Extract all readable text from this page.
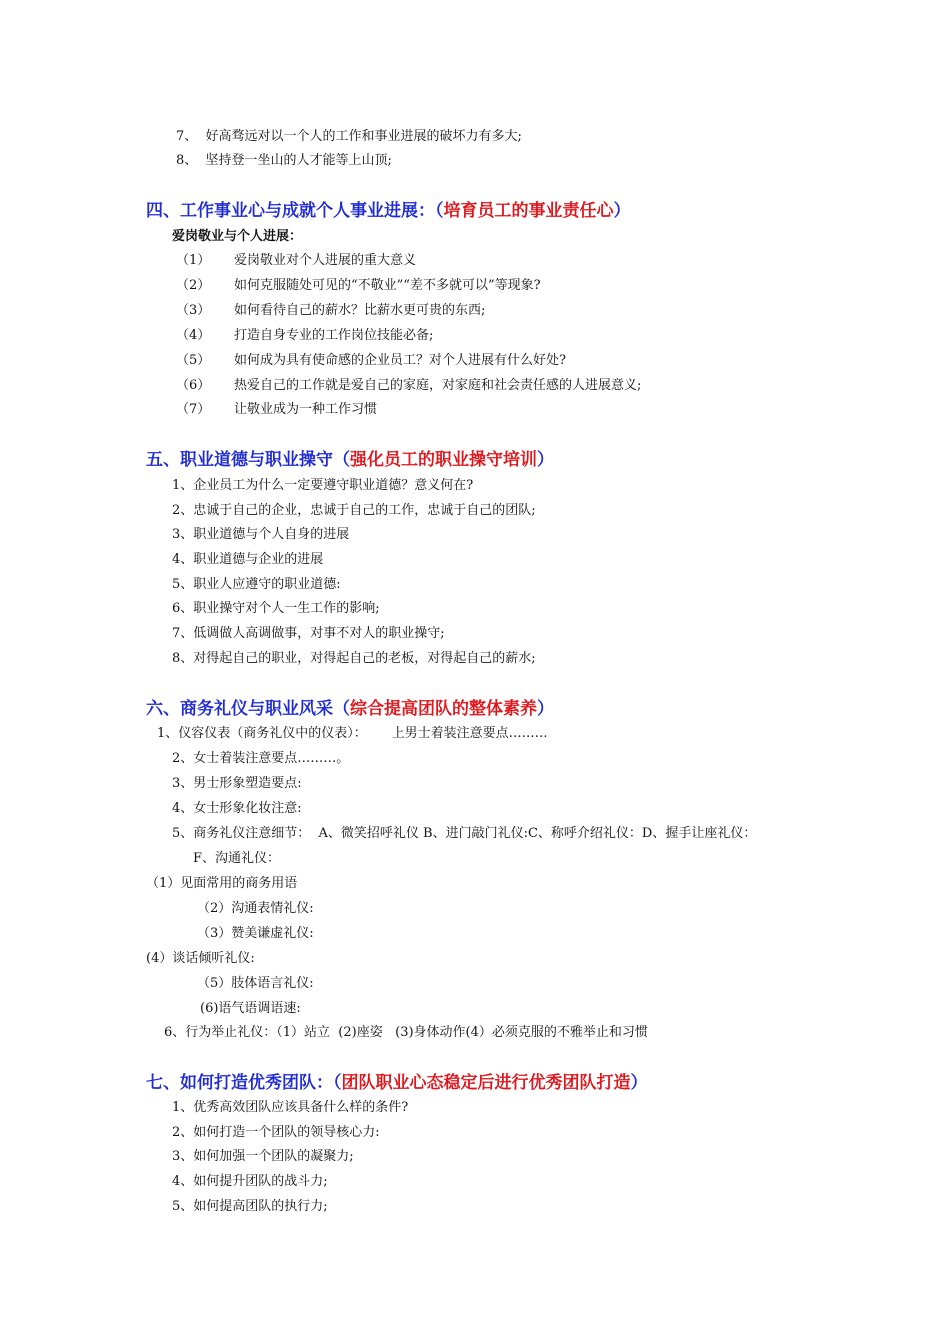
7、  好高骛远对以一个人的工作和事业进展的破坏力有多大;
8、  坚持登一坐山的人才能等上山顶;
四、工作事业心与成就个人事业进展：（培育员工的事业责任心）
爱岗敬业与个人进展：
（1） 爱岗敬业对个人进展的重大意义
（2） 如何克服随处可见的“不敬业”“差不多就可以”等现象?
（3） 如何看待自己的薪水？比薪水更可贵的东西;
（4） 打造自身专业的工作岗位技能必备;
（5） 如何成为具有使命感的企业员工？对个人进展有什么好处?
（6） 热爱自己的工作就是爱自己的家庭，对家庭和社会责任感的人进展意义;
（7） 让敬业成为一种工作习惯
五、职业道德与职业操守（强化员工的职业操守培训）
1、企业员工为什么一定要遵守职业道德？意义何在?
2、忠诚于自己的企业，忠诚于自己的工作，忠诚于自己的团队;
3、职业道德与个人自身的进展
4、职业道德与企业的进展
5、职业人应遵守的职业道德:
6、职业操守对个人一生工作的影响;
7、低调做人高调做事，对事不对人的职业操守;
8、对得起自己的职业，对得起自己的老板，对得起自己的薪水;
六、商务礼仪与职业风采（综合提高团队的整体素养）
1、仪容仪表（商务礼仪中的仪表）：      上男士着装注意要点………
2、女士着装注意要点………。
3、男士形象塑造要点:
4、女士形象化妆注意:
5、商务礼仪注意细节：  A、微笑招呼礼仪 B、进门敲门礼仪:C、称呼介绍礼仪：D、握手让座礼仪：
F、沟通礼仪：
（1）见面常用的商务用语
（2）沟通表情礼仪:
（3）赞美谦虚礼仪:
(4）谈话倾听礼仪:
（5）肢体语言礼仪:
(6)语气语调语速:
6、行为举止礼仪：（1）站立  (2)座姿   (3)身体动作(4）必须克服的不雅举止和习惯
七、如何打造优秀团队：（团队职业心态稳定后进行优秀团队打造）
1、优秀高效团队应该具备什么样的条件?
2、如何打造一个团队的领导核心力:
3、如何加强一个团队的凝聚力;
4、如何提升团队的战斗力;
5、如何提高团队的执行力;
